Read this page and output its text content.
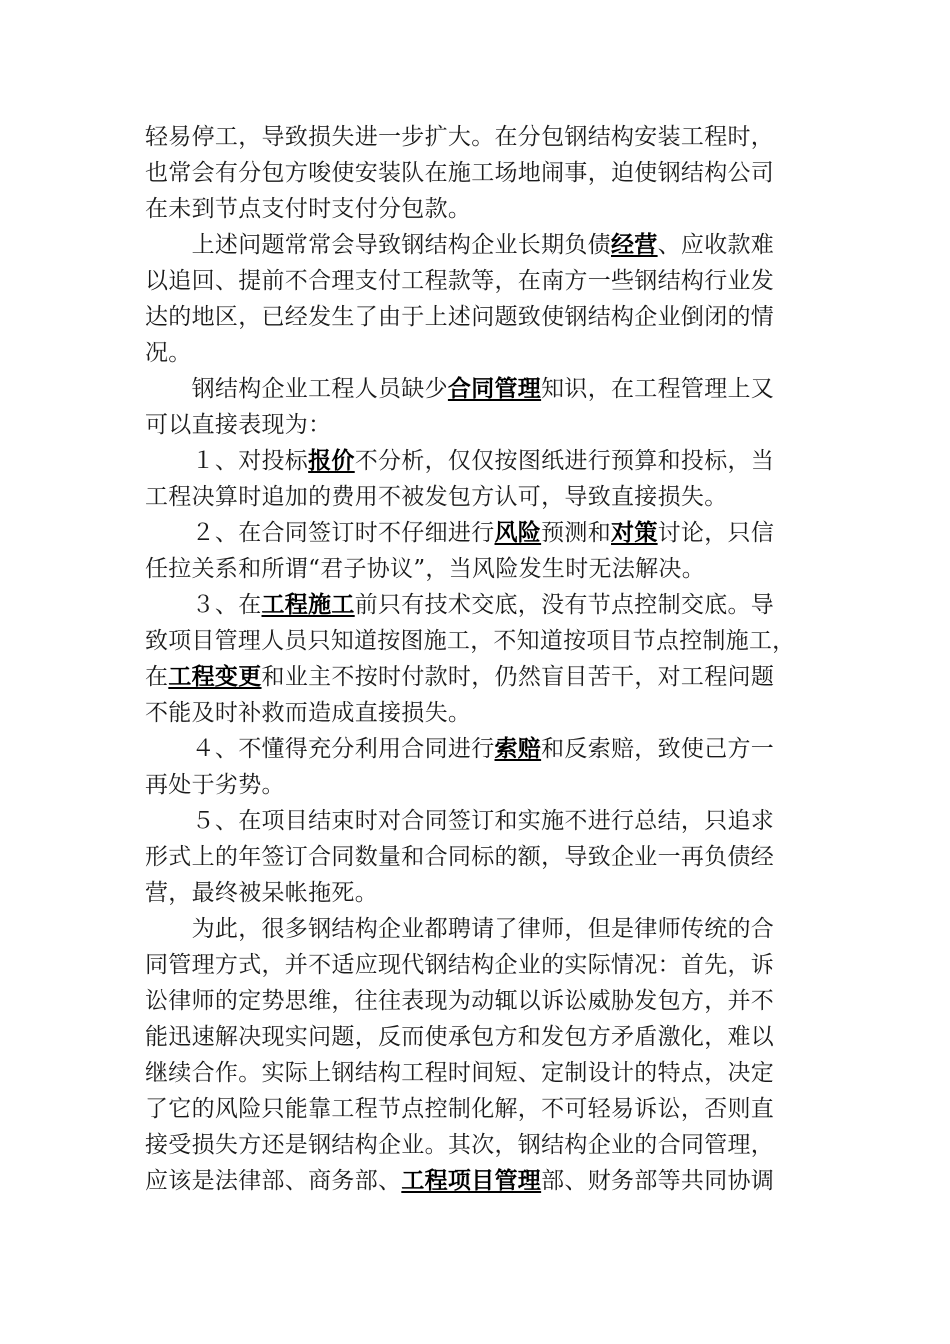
轻易停工，导致损失进一步扩大。在分包钢结构安装工程时，
也常会有分包方唆使安装队在施工场地闹事，迫使钢结构公司
在未到节点支付时支付分包款。
　　上述问题常常会导致钢结构企业长期负债经营、应收款难
以追回、提前不合理支付工程款等，在南方一些钢结构行业发
达的地区，已经发生了由于上述问题致使钢结构企业倒闭的情
况。
　　钢结构企业工程人员缺少合同管理知识，在工程管理上又
可以直接表现为：
　　１、对投标报价不分析，仅仅按图纸进行预算和投标，当
工程决算时追加的费用不被发包方认可，导致直接损失。
　　２、在合同签订时不仔细进行风险预测和对策讨论，只信
任拉关系和所谓“君子协议”，当风险发生时无法解决。
　　３、在工程施工前只有技术交底，没有节点控制交底。导
致项目管理人员只知道按图施工，不知道按项目节点控制施工，
在工程变更和业主不按时付款时，仍然盲目苦干，对工程问题
不能及时补救而造成直接损失。
　　４、不懂得充分利用合同进行索赔和反索赔，致使己方一
再处于劣势。
　　５、在项目结束时对合同签订和实施不进行总结，只追求
形式上的年签订合同数量和合同标的额，导致企业一再负债经
营，最终被呆帐拖死。
　　为此，很多钢结构企业都聘请了律师，但是律师传统的合
同管理方式，并不适应现代钢结构企业的实际情况：首先，诉
讼律师的定势思维，往往表现为动辄以诉讼威胁发包方，并不
能迅速解决现实问题，反而使承包方和发包方矛盾激化，难以
继续合作。实际上钢结构工程时间短、定制设计的特点，决定
了它的风险只能靠工程节点控制化解，不可轻易诉讼，否则直
接受损失方还是钢结构企业。其次，钢结构企业的合同管理，
应该是法律部、商务部、工程项目管理部、财务部等共同协调
